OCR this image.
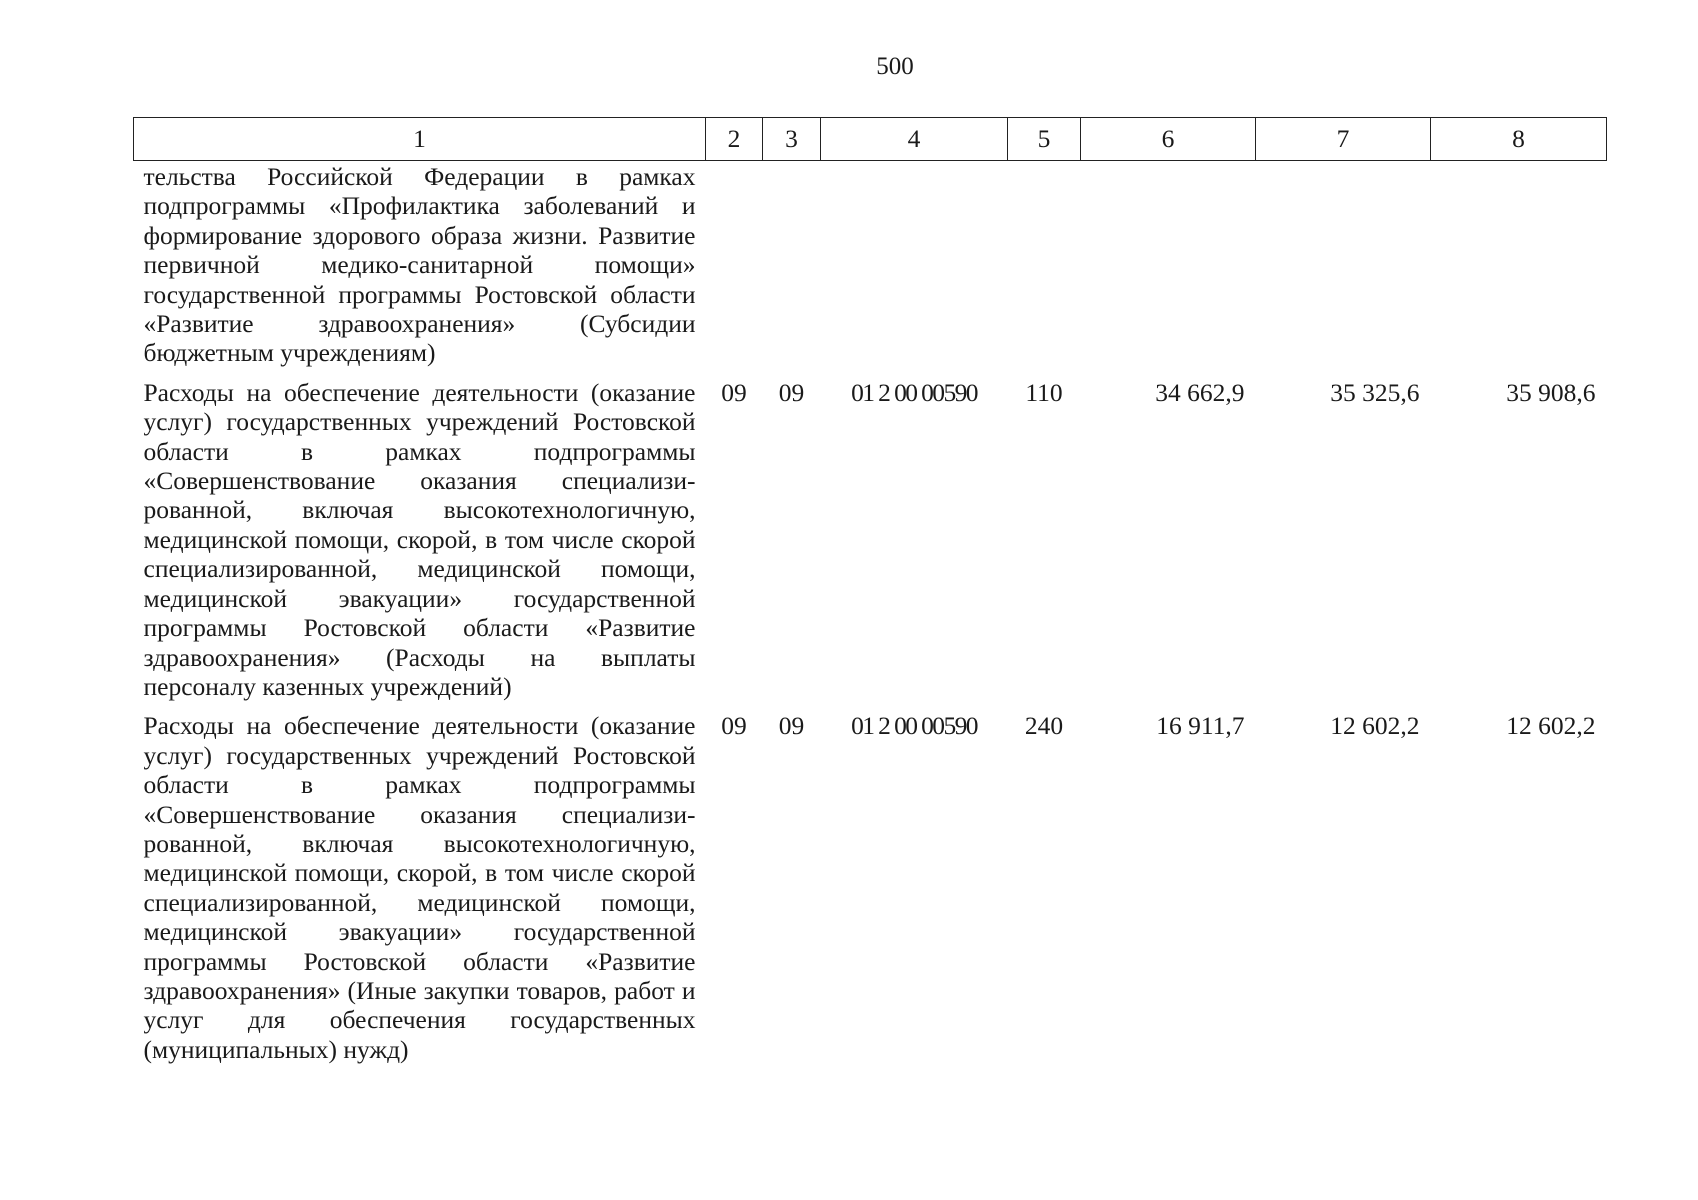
500
1	2	3	4	5	6	7	8
тельства Российской Федерации в рамках подпрограммы «Профилактика заболеваний и формирование здорового образа жизни. Развитие первичной медико-санитарной помощи» государственной программы Ростовской области «Развитие здравоохранения» (Субсидии бюджетным учреждениям)							
Расходы на обеспечение деятельности (оказание услуг) государственных учреждений Ростовской области в рамках подпрограммы «Совершенствование оказания специализированной, включая высокотехнологичную, медицинской помощи, скорой, в том числе скорой специализированной, медицинской помощи, медицинской эвакуации» государственной программы Ростовской области «Развитие здравоохранения» (Расходы на выплаты персоналу казенных учреждений)	09	09	01 2 00 00590	110	34 662,9	35 325,6	35 908,6
Расходы на обеспечение деятельности (оказание услуг) государственных учреждений Ростовской области в рамках подпрограммы «Совершенствование оказания специализированной, включая высокотехнологичную, медицинской помощи, скорой, в том числе скорой специализированной, медицинской помощи, медицинской эвакуации» государственной программы Ростовской области «Развитие здравоохранения» (Иные закупки товаров, работ и услуг для обеспечения государственных (муниципальных) нужд)	09	09	01 2 00 00590	240	16 911,7	12 602,2	12 602,2
